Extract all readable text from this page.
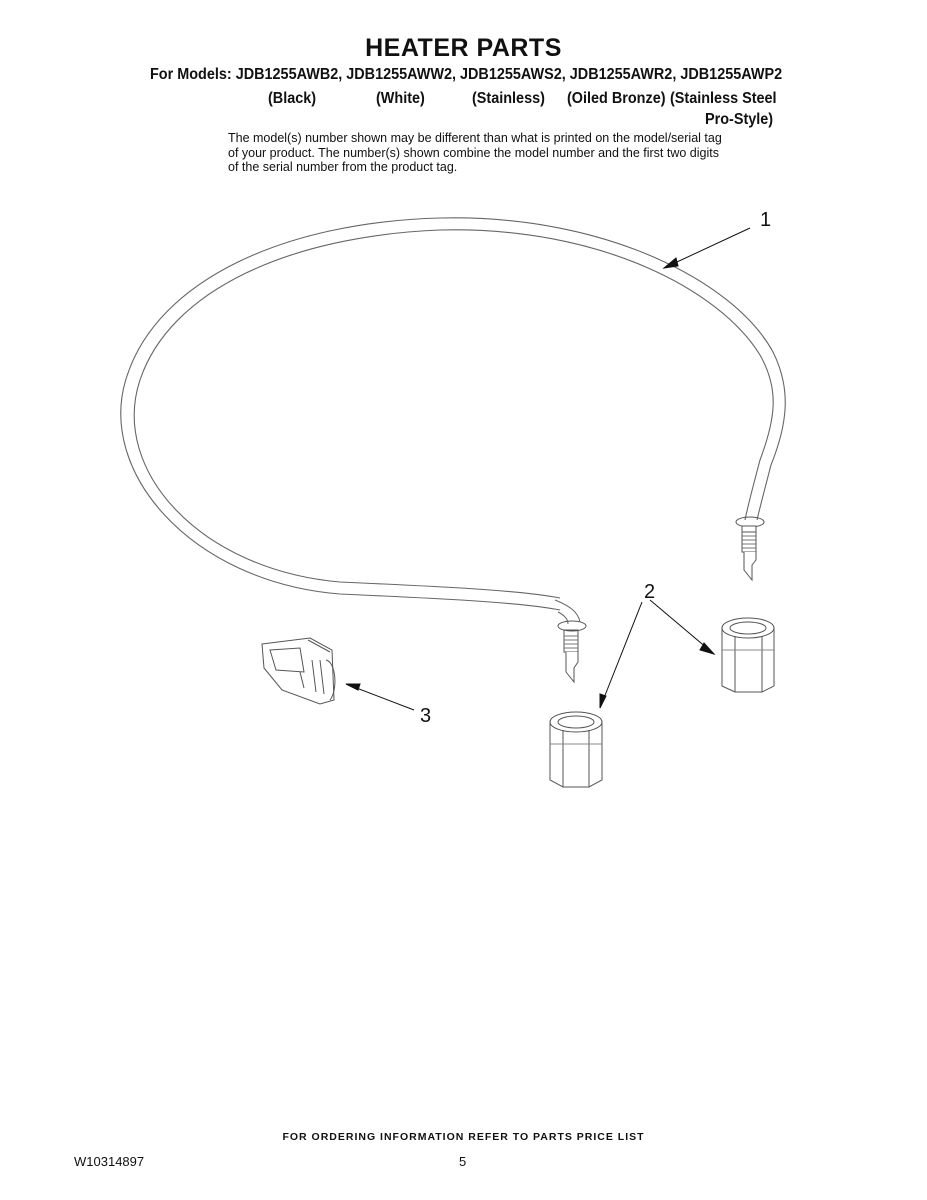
HEATER PARTS
For Models: JDB1255AWB2, JDB1255AWW2, JDB1255AWS2, JDB1255AWR2, JDB1255AWP2
(Black)	(White)	(Stainless) (Oiled Bronze) (Stainless Steel
Pro-Style)
The model(s) number shown may be different than what is printed on the model/serial tag of your product. The number(s) shown combine the model number and the first two digits of the serial number from the product tag.
1
2
3
FOR ORDERING INFORMATION REFER TO PARTS PRICE LIST
W10314897	5
